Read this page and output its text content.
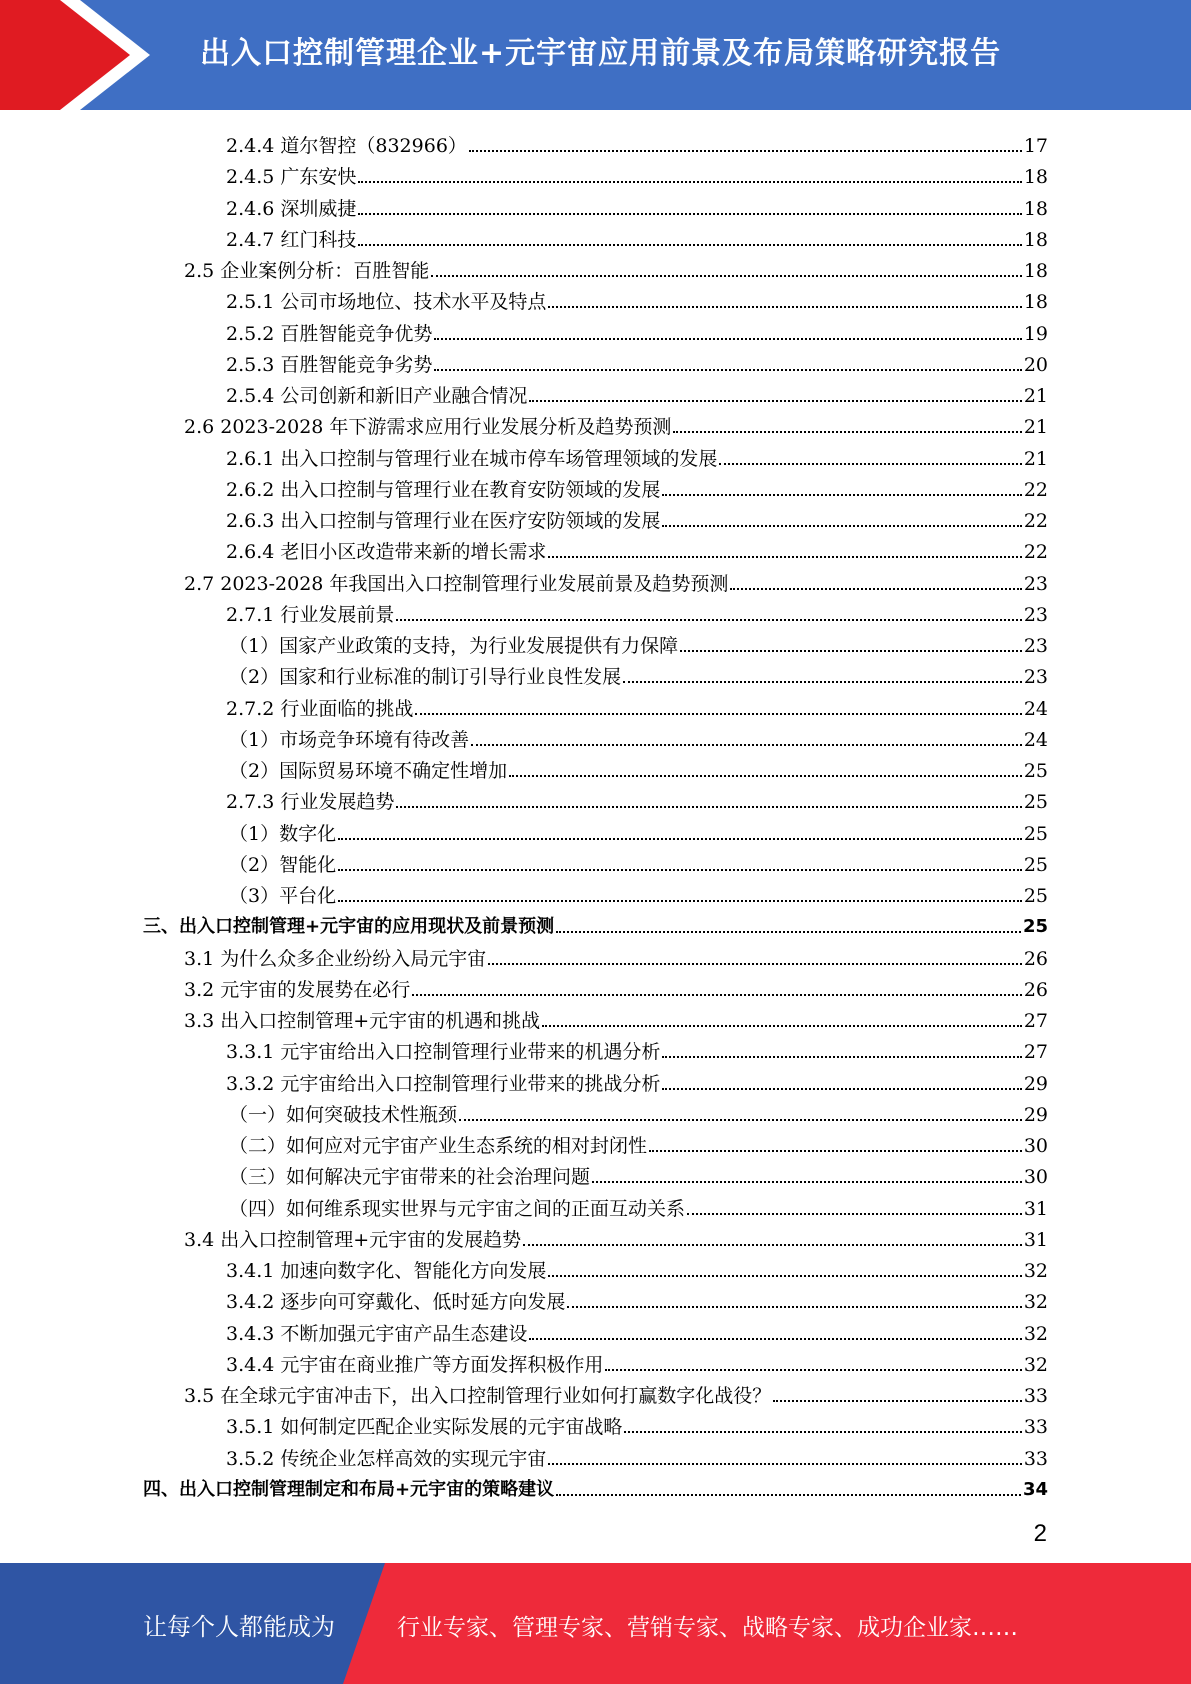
出入口控制管理企业+元宇宙应用前景及布局策略研究报告
2.4.4 道尔智控（832966）	17
2.4.5 广东安快	18
2.4.6 深圳威捷	18
2.4.7 红门科技	18
2.5 企业案例分析：百胜智能	18
2.5.1 公司市场地位、技术水平及特点	18
2.5.2 百胜智能竞争优势	19
2.5.3 百胜智能竞争劣势	20
2.5.4 公司创新和新旧产业融合情况	21
2.6 2023-2028 年下游需求应用行业发展分析及趋势预测	21
2.6.1 出入口控制与管理行业在城市停车场管理领域的发展	21
2.6.2 出入口控制与管理行业在教育安防领域的发展	22
2.6.3 出入口控制与管理行业在医疗安防领域的发展	22
2.6.4 老旧小区改造带来新的增长需求	22
2.7 2023-2028 年我国出入口控制管理行业发展前景及趋势预测	23
2.7.1 行业发展前景	23
（1）国家产业政策的支持，为行业发展提供有力保障	23
（2）国家和行业标准的制订引导行业良性发展	23
2.7.2 行业面临的挑战	24
（1）市场竞争环境有待改善	24
（2）国际贸易环境不确定性增加	25
2.7.3 行业发展趋势	25
（1）数字化	25
（2）智能化	25
（3）平台化	25
三、出入口控制管理+元宇宙的应用现状及前景预测	25
3.1 为什么众多企业纷纷入局元宇宙	26
3.2 元宇宙的发展势在必行	26
3.3 出入口控制管理+元宇宙的机遇和挑战	27
3.3.1 元宇宙给出入口控制管理行业带来的机遇分析	27
3.3.2 元宇宙给出入口控制管理行业带来的挑战分析	29
（一）如何突破技术性瓶颈	29
（二）如何应对元宇宙产业生态系统的相对封闭性	30
（三）如何解决元宇宙带来的社会治理问题	30
（四）如何维系现实世界与元宇宙之间的正面互动关系	31
3.4 出入口控制管理+元宇宙的发展趋势	31
3.4.1 加速向数字化、智能化方向发展	32
3.4.2 逐步向可穿戴化、低时延方向发展	32
3.4.3 不断加强元宇宙产品生态建设	32
3.4.4 元宇宙在商业推广等方面发挥积极作用	32
3.5 在全球元宇宙冲击下，出入口控制管理行业如何打赢数字化战役？	33
3.5.1 如何制定匹配企业实际发展的元宇宙战略	33
3.5.2 传统企业怎样高效的实现元宇宙	33
四、出入口控制管理制定和布局+元宇宙的策略建议	34
2
让每个人都能成为	行业专家、管理专家、营销专家、战略专家、成功企业家……
